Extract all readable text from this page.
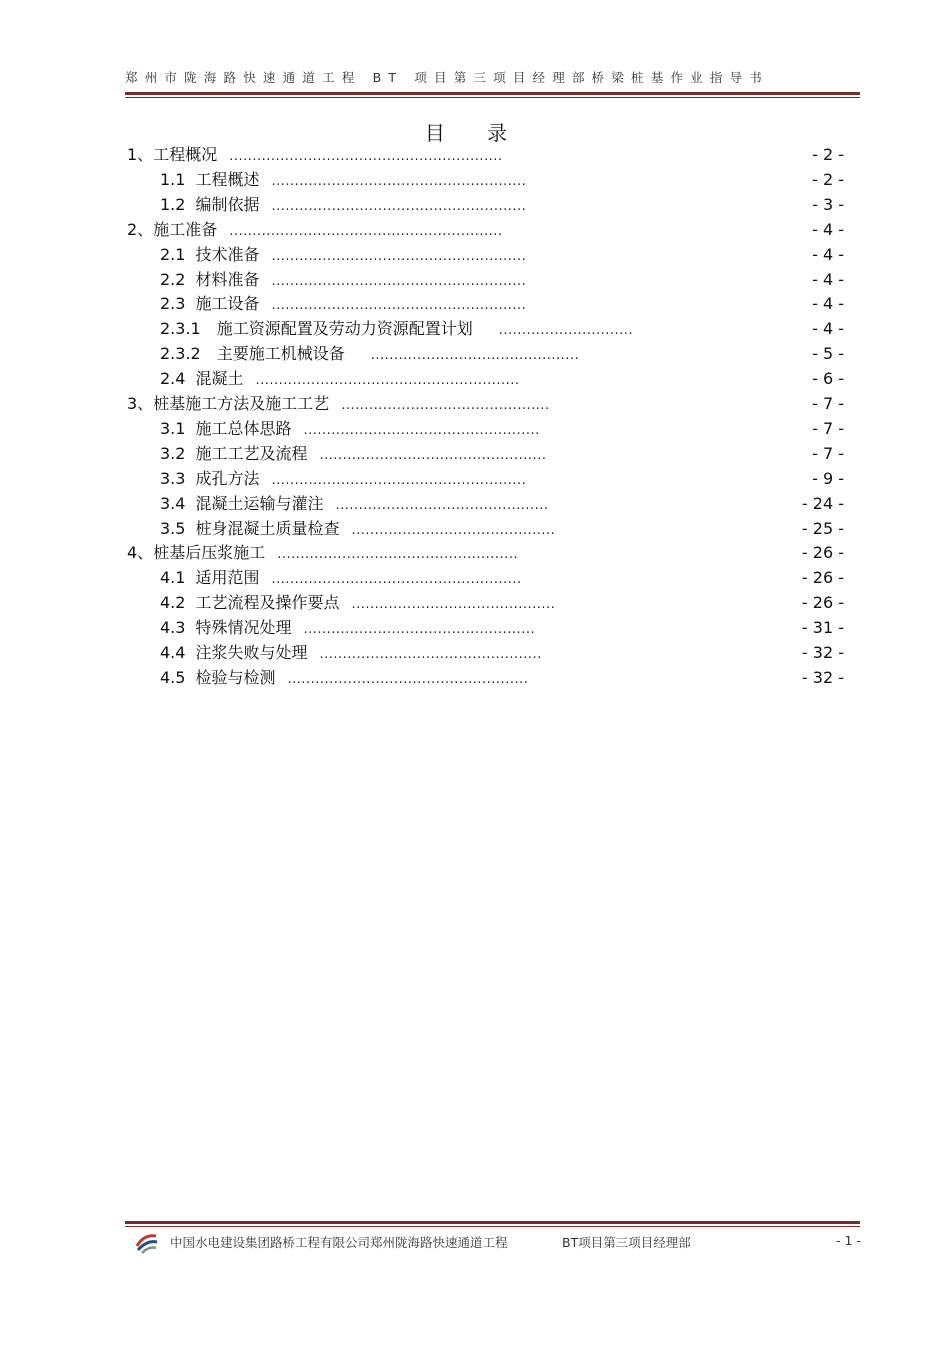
郑州市陇海路快速通道工程 BT 项目第三项目经理部桥梁桩基作业指导书
目 录
1、 工程概况 ...........................................................	- 2 -
1.1 工程概述 .......................................................	- 2 -
1.2 编制依据 .......................................................	- 3 -
2、 施工准备 ...........................................................	- 4 -
2.1 技术准备 .......................................................	- 4 -
2.2 材料准备 .......................................................	- 4 -
2.3 施工设备 .......................................................	- 4 -
2.3.1 施工资源配置及劳动力资源配置计划 .............................	- 4 -
2.3.2 主要施工机械设备 .............................................	- 5 -
2.4 混凝土 .........................................................	- 6 -
3、 桩基施工方法及施工工艺 .............................................	- 7 -
3.1 施工总体思路 ...................................................	- 7 -
3.2 施工工艺及流程 .................................................	- 7 -
3.3 成孔方法 .......................................................	- 9 -
3.4 混凝土运输与灌注 ..............................................	- 24 -
3.5 桩身混凝土质量检查 ............................................	- 25 -
4、 桩基后压浆施工 ....................................................	- 26 -
4.1 适用范围 ......................................................	- 26 -
4.2 工艺流程及操作要点 ............................................	- 26 -
4.3 特殊情况处理 ..................................................	- 31 -
4.4 注浆失败与处理 ................................................	- 32 -
4.5 检验与检测 ....................................................	- 32 -
中国水电建设集团路桥工程有限公司郑州陇海路快速通道工程	BT项目第三项目经理部	- 1 -
